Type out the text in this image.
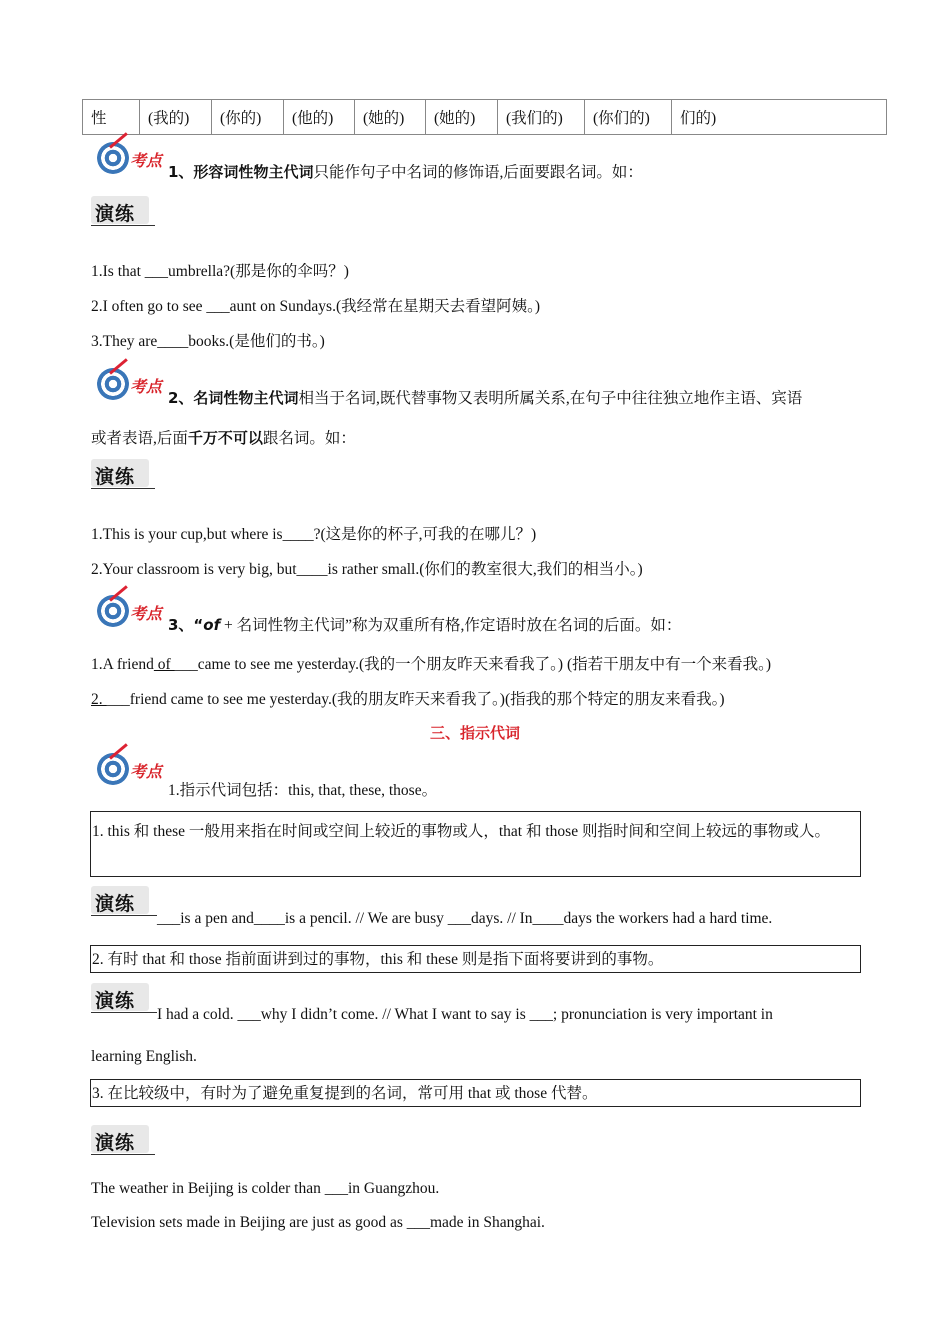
性	(我的)	(你的)	(他的)	(她的)	(她的)	(我们的)	(你们的)	们的)
考点
1、形容词性物主代词只能作句子中名词的修饰语,后面要跟名词。如：
演练
1.Is that ___umbrella?(那是你的伞吗？)
2.I often go to see ___aunt on Sundays.(我经常在星期天去看望阿姨。)
3.They are____books.(是他们的书。)
考点
2、名词性物主代词相当于名词,既代替事物又表明所属关系,在句子中往往独立地作主语、宾语
或者表语,后面千万不可以跟名词。如：
演练
1.This is your cup,but where is____?(这是你的杯子,可我的在哪儿？)
2.Your classroom is very big, but____is rather small.(你们的教室很大,我们的相当小。)
考点
3、“of + 名词性物主代词”称为双重所有格,作定语时放在名词的后面。如：
1.A friend of ___came to see me yesterday.(我的一个朋友昨天来看我了。) (指若干朋友中有一个来看我。)
2. ___friend came to see me yesterday.(我的朋友昨天来看我了。)(指我的那个特定的朋友来看我。)
三、指示代词
考点
1.指示代词包括：this, that, these, those。
1. this 和 these 一般用来指在时间或空间上较近的事物或人，that 和 those 则指时间和空间上较远的事物或人。
演练
___is a pen and____is a pencil. // We are busy ___days. // In____days the workers had a hard time.
2. 有时 that 和 those 指前面讲到过的事物，this 和 these 则是指下面将要讲到的事物。
演练
I had a cold. ___why I didn’t come. // What I want to say is ___; pronunciation is very important in
learning English.
3. 在比较级中，有时为了避免重复提到的名词，常可用 that 或 those 代替。
演练
The weather in Beijing is colder than ___in Guangzhou.
Television sets made in Beijing are just as good as ___made in Shanghai.
